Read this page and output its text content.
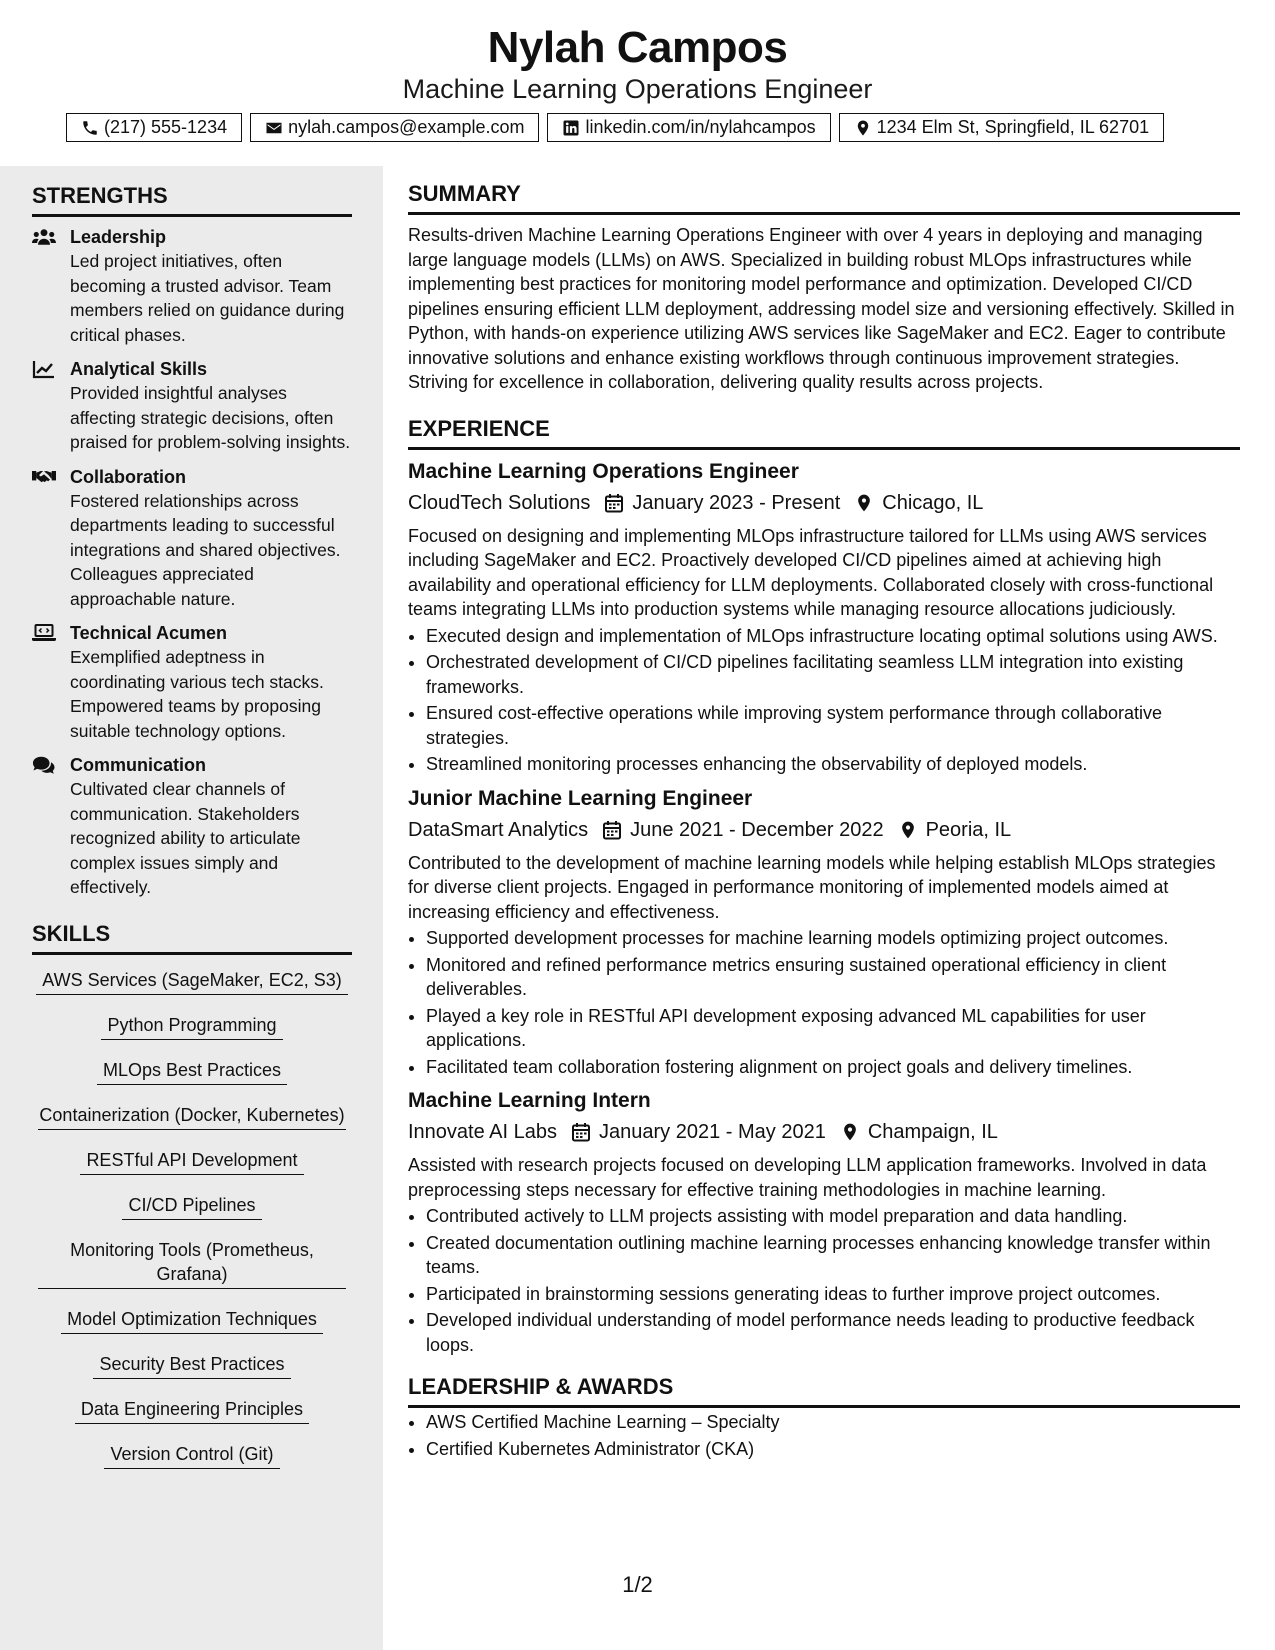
Nylah Campos
Machine Learning Operations Engineer
(217) 555-1234	nylah.campos@example.com	linkedin.com/in/nylahcampos	1234 Elm St, Springfield, IL 62701
STRENGTHS
Leadership
Led project initiatives, often becoming a trusted advisor. Team members relied on guidance during critical phases.
Analytical Skills
Provided insightful analyses affecting strategic decisions, often praised for problem-solving insights.
Collaboration
Fostered relationships across departments leading to successful integrations and shared objectives. Colleagues appreciated approachable nature.
Technical Acumen
Exemplified adeptness in coordinating various tech stacks. Empowered teams by proposing suitable technology options.
Communication
Cultivated clear channels of communication. Stakeholders recognized ability to articulate complex issues simply and effectively.
SKILLS
AWS Services (SageMaker, EC2, S3)
Python Programming
MLOps Best Practices
Containerization (Docker, Kubernetes)
RESTful API Development
CI/CD Pipelines
Monitoring Tools (Prometheus, Grafana)
Model Optimization Techniques
Security Best Practices
Data Engineering Principles
Version Control (Git)
SUMMARY
Results-driven Machine Learning Operations Engineer with over 4 years in deploying and managing large language models (LLMs) on AWS. Specialized in building robust MLOps infrastructures while implementing best practices for monitoring model performance and optimization. Developed CI/CD pipelines ensuring efficient LLM deployment, addressing model size and versioning effectively. Skilled in Python, with hands-on experience utilizing AWS services like SageMaker and EC2. Eager to contribute innovative solutions and enhance existing workflows through continuous improvement strategies. Striving for excellence in collaboration, delivering quality results across projects.
EXPERIENCE
Machine Learning Operations Engineer
CloudTech Solutions January 2023 - Present Chicago, IL
Focused on designing and implementing MLOps infrastructure tailored for LLMs using AWS services including SageMaker and EC2. Proactively developed CI/CD pipelines aimed at achieving high availability and operational efficiency for LLM deployments. Collaborated closely with cross-functional teams integrating LLMs into production systems while managing resource allocations judiciously.
• Executed design and implementation of MLOps infrastructure locating optimal solutions using AWS.
• Orchestrated development of CI/CD pipelines facilitating seamless LLM integration into existing frameworks.
• Ensured cost-effective operations while improving system performance through collaborative strategies.
• Streamlined monitoring processes enhancing the observability of deployed models.
Junior Machine Learning Engineer
DataSmart Analytics June 2021 - December 2022 Peoria, IL
Contributed to the development of machine learning models while helping establish MLOps strategies for diverse client projects. Engaged in performance monitoring of implemented models aimed at increasing efficiency and effectiveness.
• Supported development processes for machine learning models optimizing project outcomes.
• Monitored and refined performance metrics ensuring sustained operational efficiency in client deliverables.
• Played a key role in RESTful API development exposing advanced ML capabilities for user applications.
• Facilitated team collaboration fostering alignment on project goals and delivery timelines.
Machine Learning Intern
Innovate AI Labs January 2021 - May 2021 Champaign, IL
Assisted with research projects focused on developing LLM application frameworks. Involved in data preprocessing steps necessary for effective training methodologies in machine learning.
• Contributed actively to LLM projects assisting with model preparation and data handling.
• Created documentation outlining machine learning processes enhancing knowledge transfer within teams.
• Participated in brainstorming sessions generating ideas to further improve project outcomes.
• Developed individual understanding of model performance needs leading to productive feedback loops.
LEADERSHIP & AWARDS
• AWS Certified Machine Learning – Specialty
• Certified Kubernetes Administrator (CKA)
1/2
